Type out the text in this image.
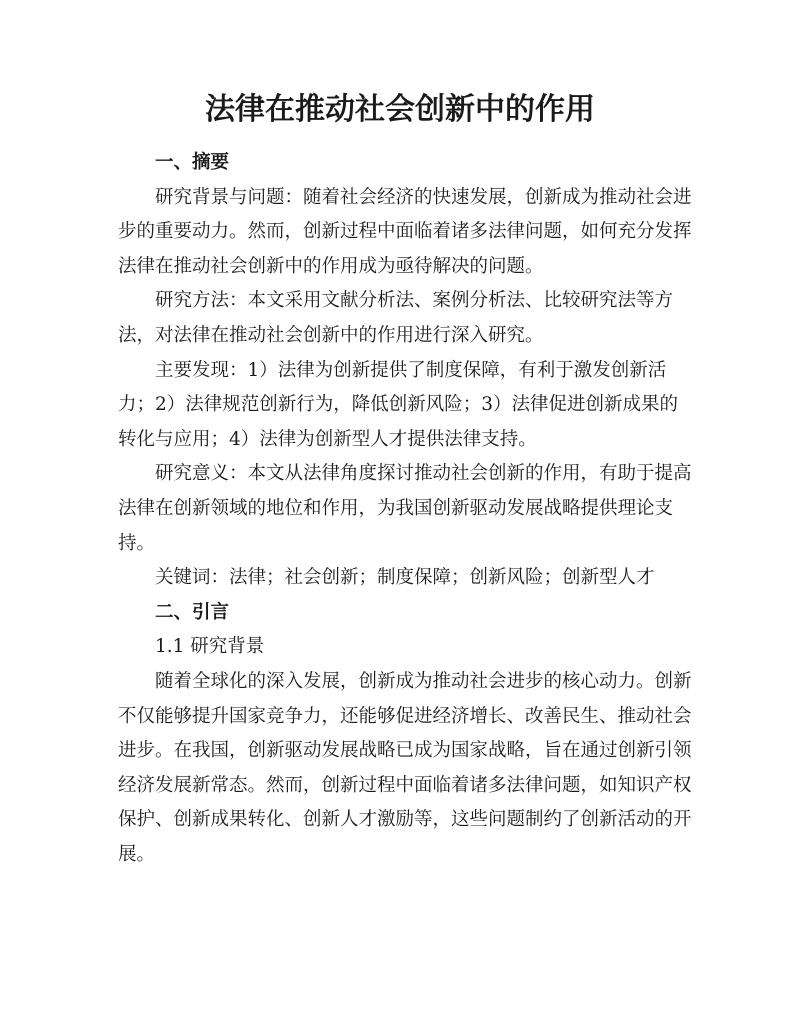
法律在推动社会创新中的作用

一、摘要

研究背景与问题：随着社会经济的快速发展，创新成为推动社会进步的重要动力。然而，创新过程中面临着诸多法律问题，如何充分发挥法律在推动社会创新中的作用成为亟待解决的问题。

研究方法：本文采用文献分析法、案例分析法、比较研究法等方法，对法律在推动社会创新中的作用进行深入研究。

主要发现：1）法律为创新提供了制度保障，有利于激发创新活力；2）法律规范创新行为，降低创新风险；3）法律促进创新成果的转化与应用；4）法律为创新型人才提供法律支持。

研究意义：本文从法律角度探讨推动社会创新的作用，有助于提高法律在创新领域的地位和作用，为我国创新驱动发展战略提供理论支持。

关键词：法律；社会创新；制度保障；创新风险；创新型人才

二、引言

1.1 研究背景

随着全球化的深入发展，创新成为推动社会进步的核心动力。创新不仅能够提升国家竞争力，还能够促进经济增长、改善民生、推动社会进步。在我国，创新驱动发展战略已成为国家战略，旨在通过创新引领经济发展新常态。然而，创新过程中面临着诸多法律问题，如知识产权保护、创新成果转化、创新人才激励等，这些问题制约了创新活动的开展。
